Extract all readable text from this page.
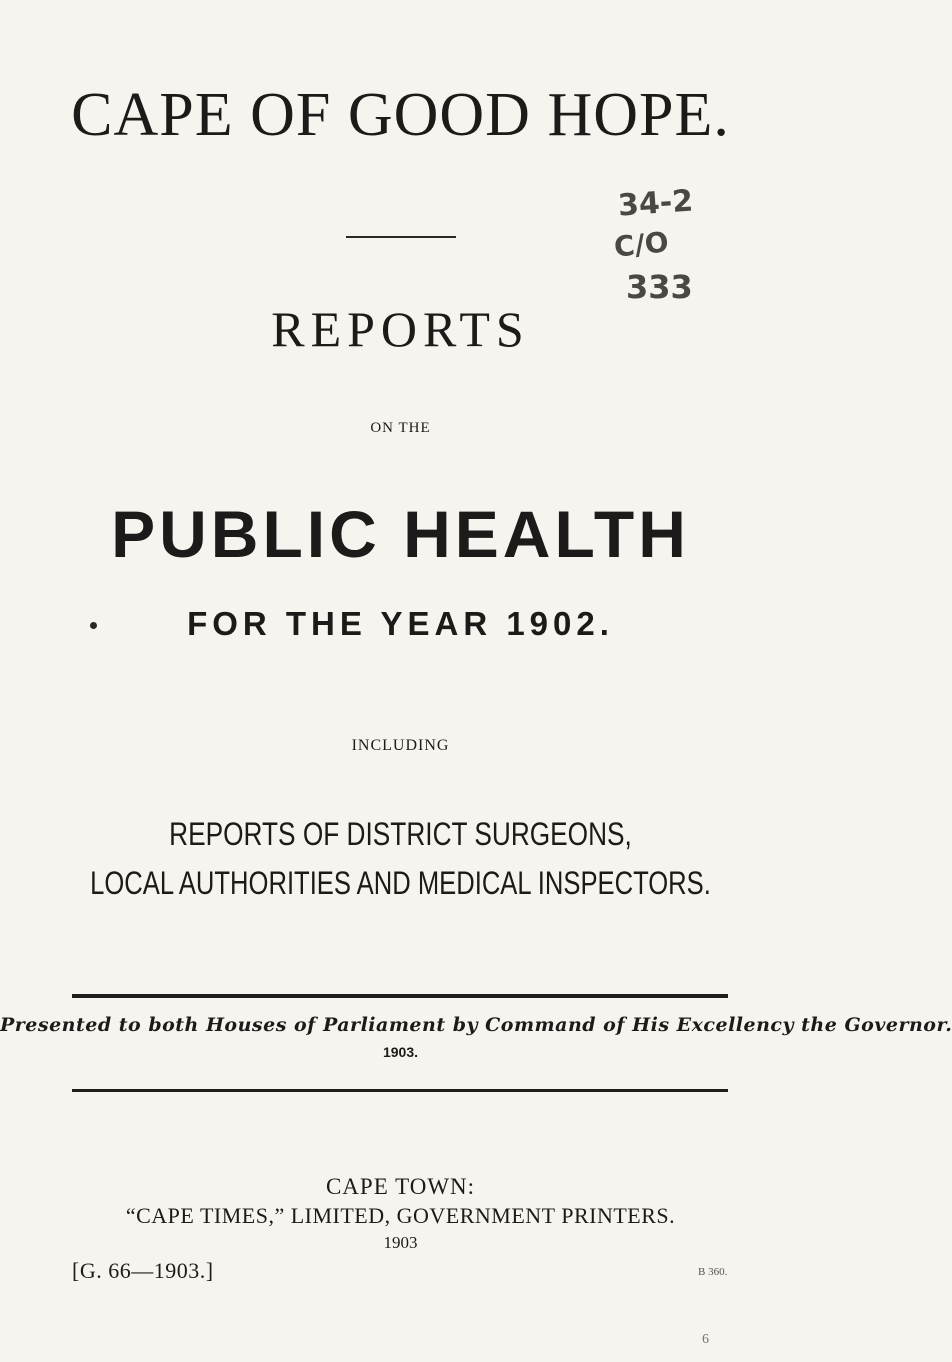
CAPE OF GOOD HOPE.
34-2
C/O
333
REPORTS
ON THE
PUBLIC HEALTH
FOR THE YEAR 1902.
INCLUDING
REPORTS OF DISTRICT SURGEONS,
LOCAL AUTHORITIES AND MEDICAL INSPECTORS.
Presented to both Houses of Parliament by Command of His Excellency the Governor.
1903.
CAPE TOWN:
“CAPE TIMES,” LIMITED, GOVERNMENT PRINTERS.
1903
[G. 66—1903.]	B 360.
6
